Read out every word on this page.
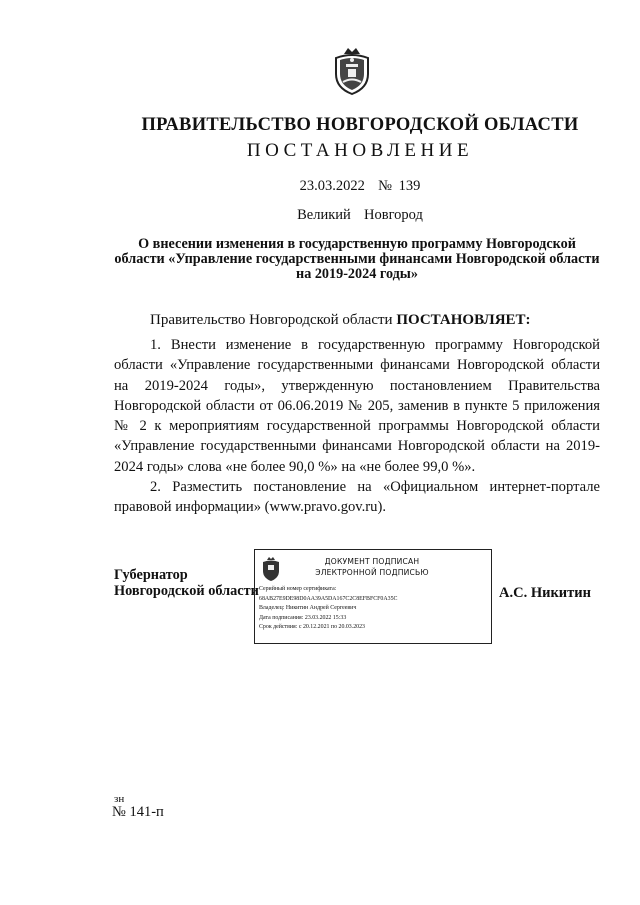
ПРАВИТЕЛЬСТВО НОВГОРОДСКОЙ ОБЛАСТИ
ПОСТАНОВЛЕНИЕ
23.03.2022  № 139
Великий  Новгород
О внесении изменения в государственную программу Новгородской области «Управление государственными финансами Новгородской области на 2019-2024 годы»
Правительство Новгородской области ПОСТАНОВЛЯЕТ:

1. Внести изменение в государственную программу Новгородской области «Управление государственными финансами Новгородской области на 2019-2024 годы», утвержденную постановлением Правительства Новгородской области от 06.06.2019 № 205, заменив в пункте 5 приложения № 2 к мероприятиям государственной программы Новгородской области «Управление государственными финансами Новгородской области на 2019-2024 годы» слова «не более 90,0 %» на «не более 99,0 %».

2. Разместить постановление на «Официальном интернет-портале правовой информации» (www.pravo.gov.ru).

Губернатор
Новгородской области
ДОКУМЕНТ ПОДПИСАН
ЭЛЕКТРОННОЙ ПОДПИСЬЮ
Серийный номер сертификата:
68AB27E9DE98D0AA39A5DA167C2C8EFBFCF0A35C
Владелец: Никитин Андрей Сергеевич
Дата подписания: 23.03.2022 15:33
Срок действия: с 20.12.2021 по 20.03.2023
А.С. Никитин
зн
№ 141-п
